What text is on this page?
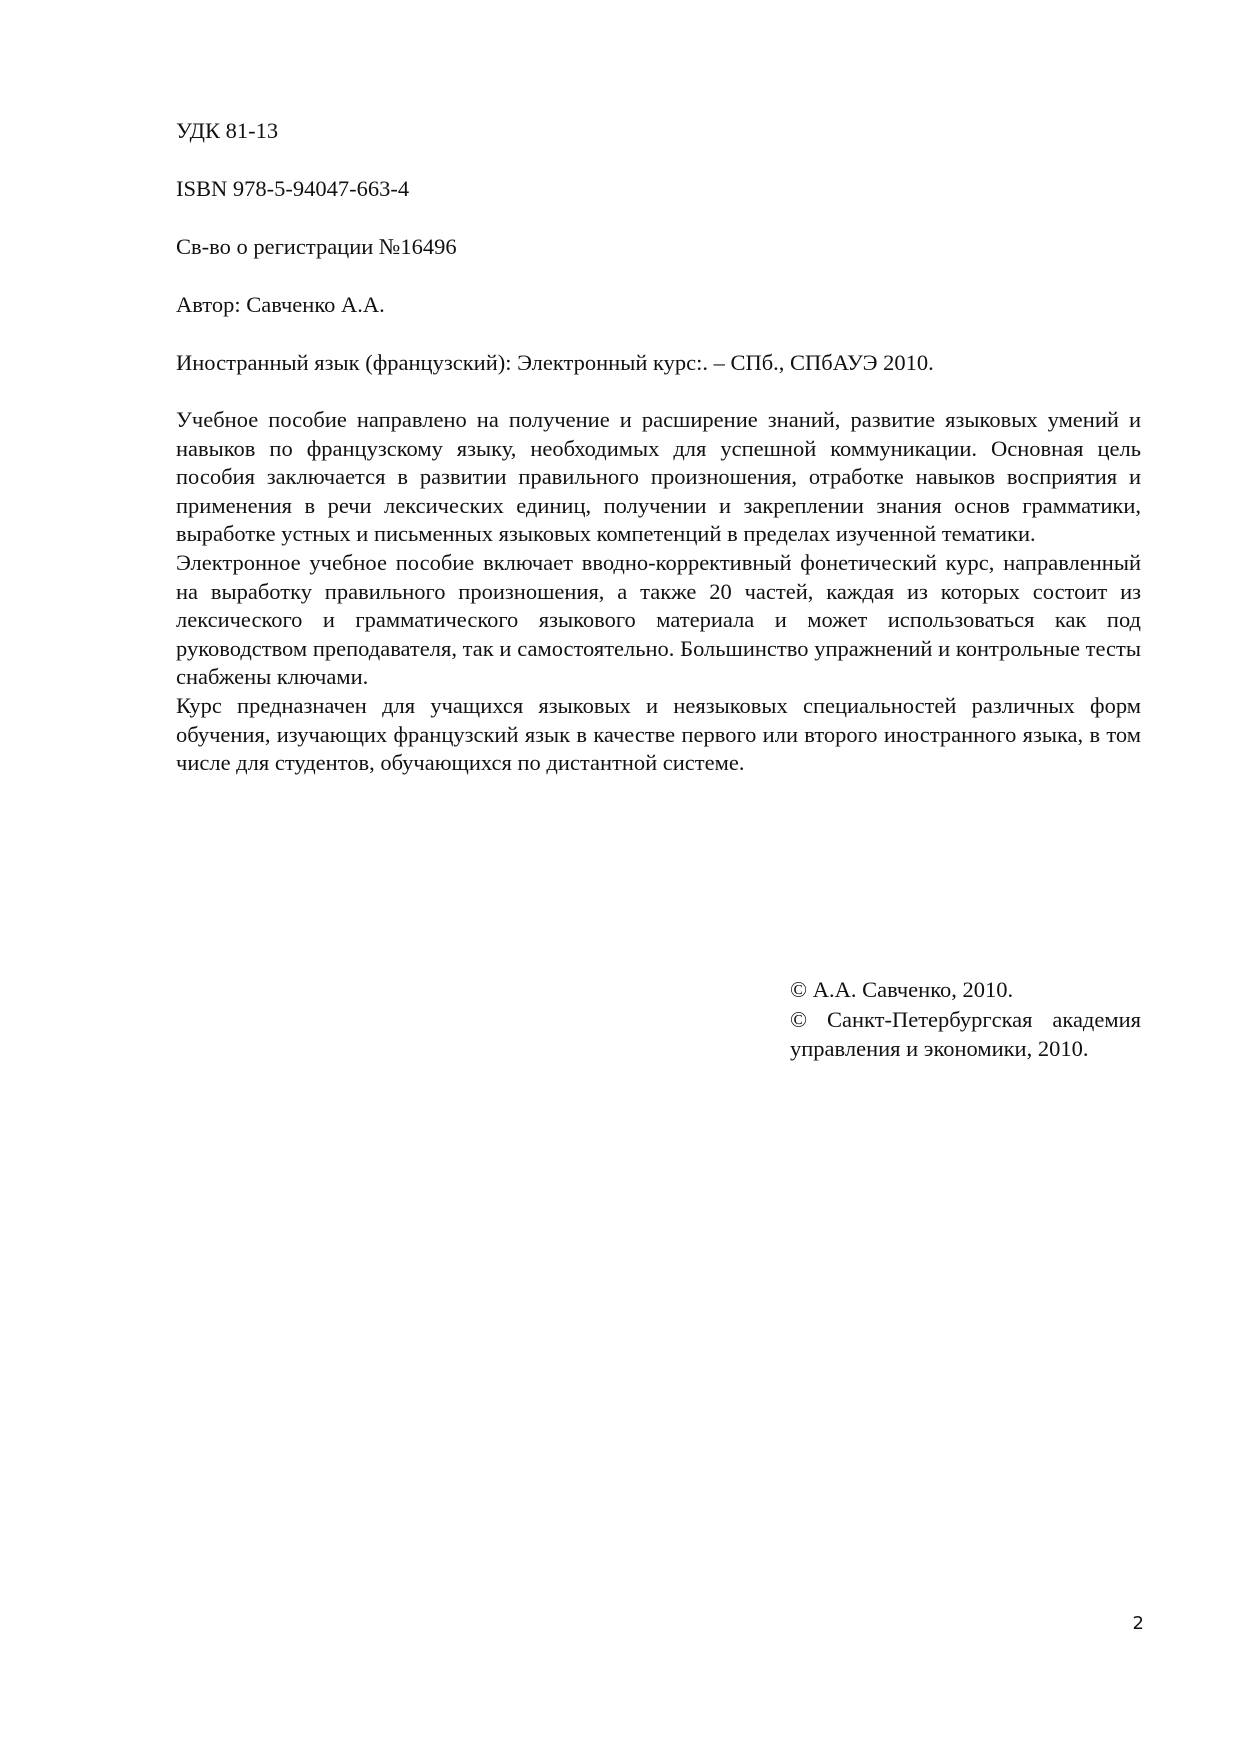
УДК 81-13
ISBN 978-5-94047-663-4
Св-во о регистрации №16496
Автор: Савченко А.А.
Иностранный язык (французский): Электронный курс:. – СПб., СПбАУЭ 2010.

Учебное пособие направлено на получение и расширение знаний, развитие языковых умений и навыков по французскому языку, необходимых для успешной коммуникации. Основная цель пособия заключается в развитии правильного произношения, отработке навыков восприятия и применения в речи лексических единиц, получении и закреплении знания основ грамматики, выработке устных и письменных языковых компетенций в пределах изученной тематики.

Электронное учебное пособие включает вводно-коррективный фонетический курс, направленный на выработку правильного произношения, а также 20 частей, каждая из которых состоит из лексического и грамматического языкового материала и может использоваться как под руководством преподавателя, так и самостоятельно. Большинство упражнений и контрольные тесты снабжены ключами.

Курс предназначен для учащихся языковых и неязыковых специальностей различных форм обучения, изучающих французский язык в качестве первого или второго иностранного языка, в том числе для студентов, обучающихся по дистантной системе.

© А.А. Савченко, 2010.

© Санкт-Петербургская академия управления и экономики, 2010.

2
